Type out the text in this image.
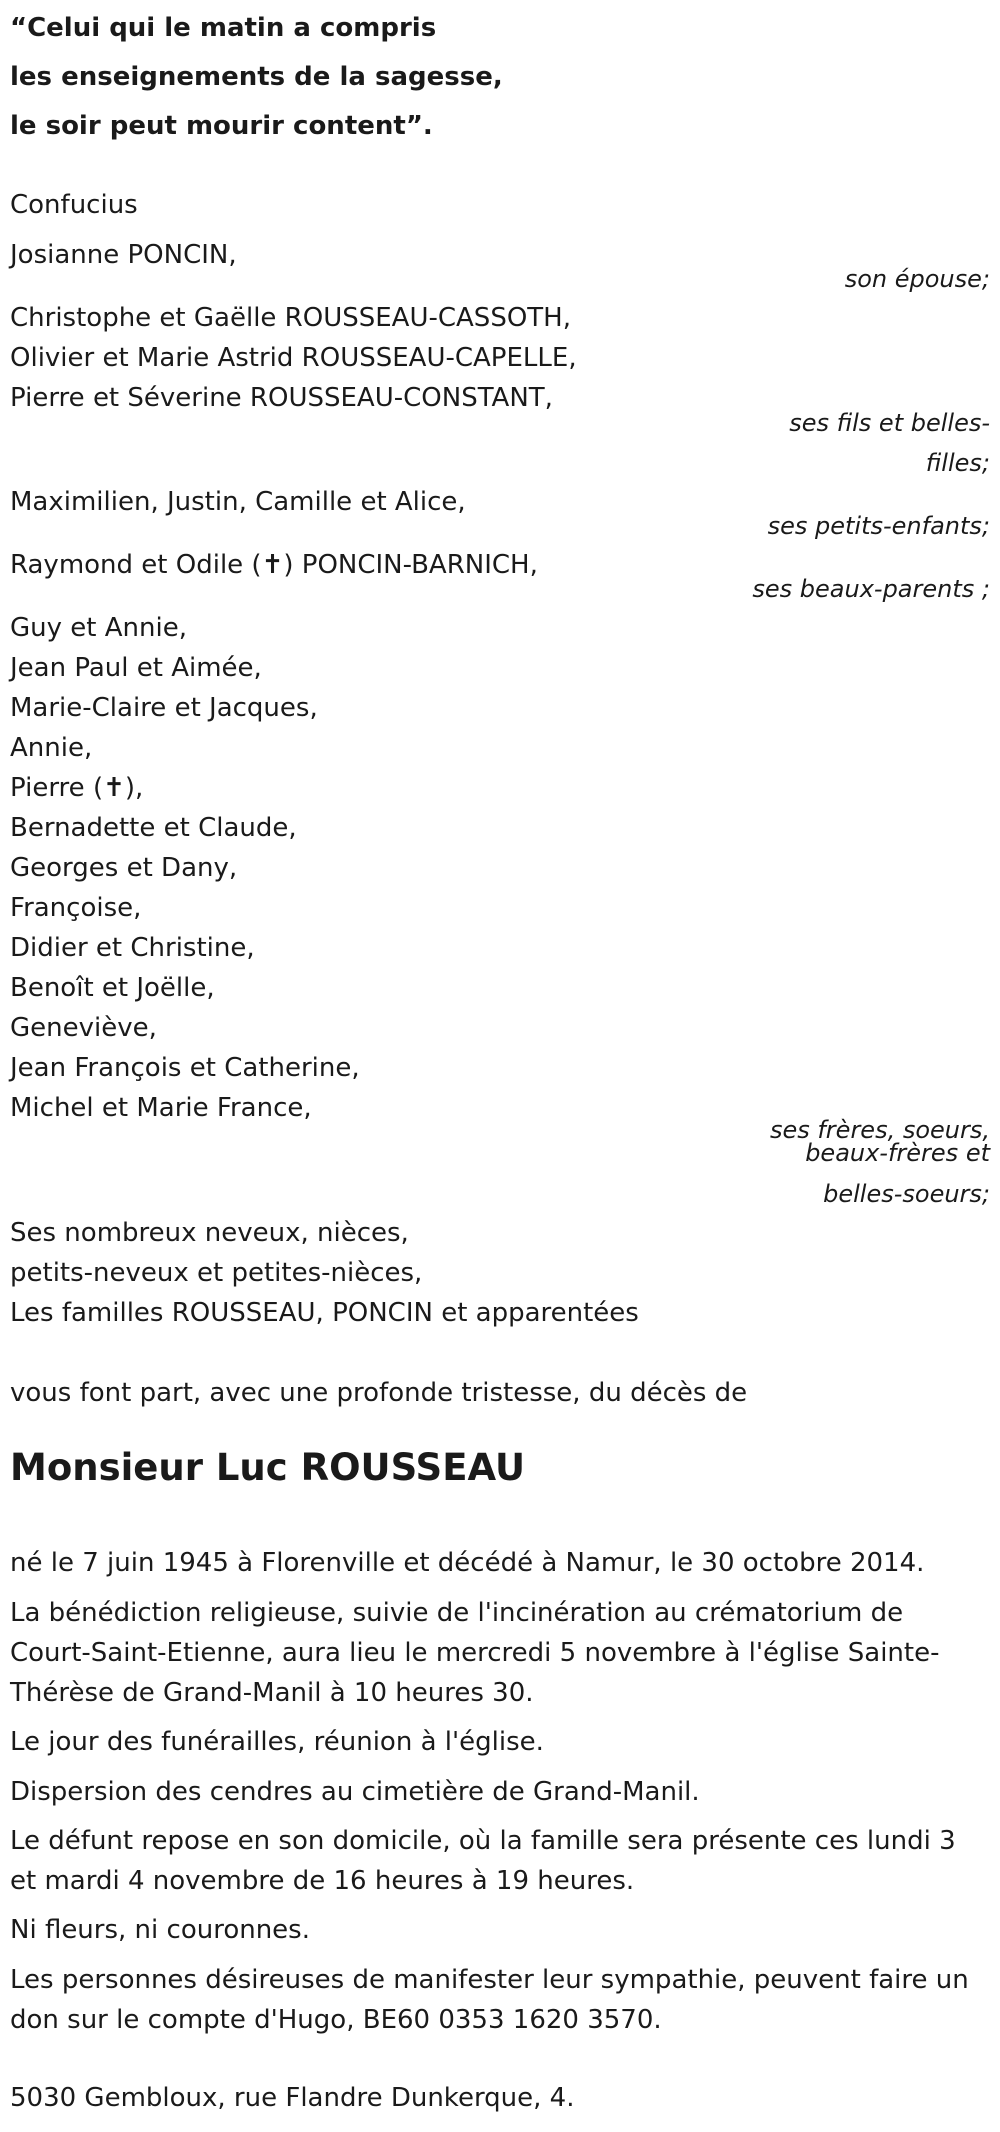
“Celui qui le matin a compris
les enseignements de la sagesse,
le soir peut mourir content”.
Confucius
Josianne PONCIN,
son épouse;
Christophe et Gaëlle ROUSSEAU-CASSOTH,
Olivier et Marie Astrid ROUSSEAU-CAPELLE,
Pierre et Séverine ROUSSEAU-CONSTANT,
ses fils et belles-
filles;
Maximilien, Justin, Camille et Alice,
ses petits-enfants;
Raymond et Odile (✝) PONCIN-BARNICH,
ses beaux-parents ;
Guy et Annie,
Jean Paul et Aimée,
Marie-Claire et Jacques,
Annie,
Pierre (✝),
Bernadette et Claude,
Georges et Dany,
Françoise,
Didier et Christine,
Benoît et Joëlle,
Geneviève,
Jean François et Catherine,
Michel et Marie France,
ses frères, soeurs,
beaux-frères et
belles-soeurs;
Ses nombreux neveux, nièces,
petits-neveux et petites-nièces,
Les familles ROUSSEAU, PONCIN et apparentées
vous font part, avec une profonde tristesse, du décès de
Monsieur Luc ROUSSEAU
né le 7 juin 1945 à Florenville et décédé à Namur, le 30 octobre 2014.
La bénédiction religieuse, suivie de l'incinération au crématorium de Court-Saint-Etienne, aura lieu le mercredi 5 novembre à l'église Sainte-Thérèse de Grand-Manil à 10 heures 30.
Le jour des funérailles, réunion à l'église.
Dispersion des cendres au cimetière de Grand-Manil.
Le défunt repose en son domicile, où la famille sera présente ces lundi 3 et mardi 4 novembre de 16 heures à 19 heures.
Ni fleurs, ni couronnes.
Les personnes désireuses de manifester leur sympathie, peuvent faire un don sur le compte d'Hugo, BE60 0353 1620 3570.
5030 Gembloux, rue Flandre Dunkerque, 4.
